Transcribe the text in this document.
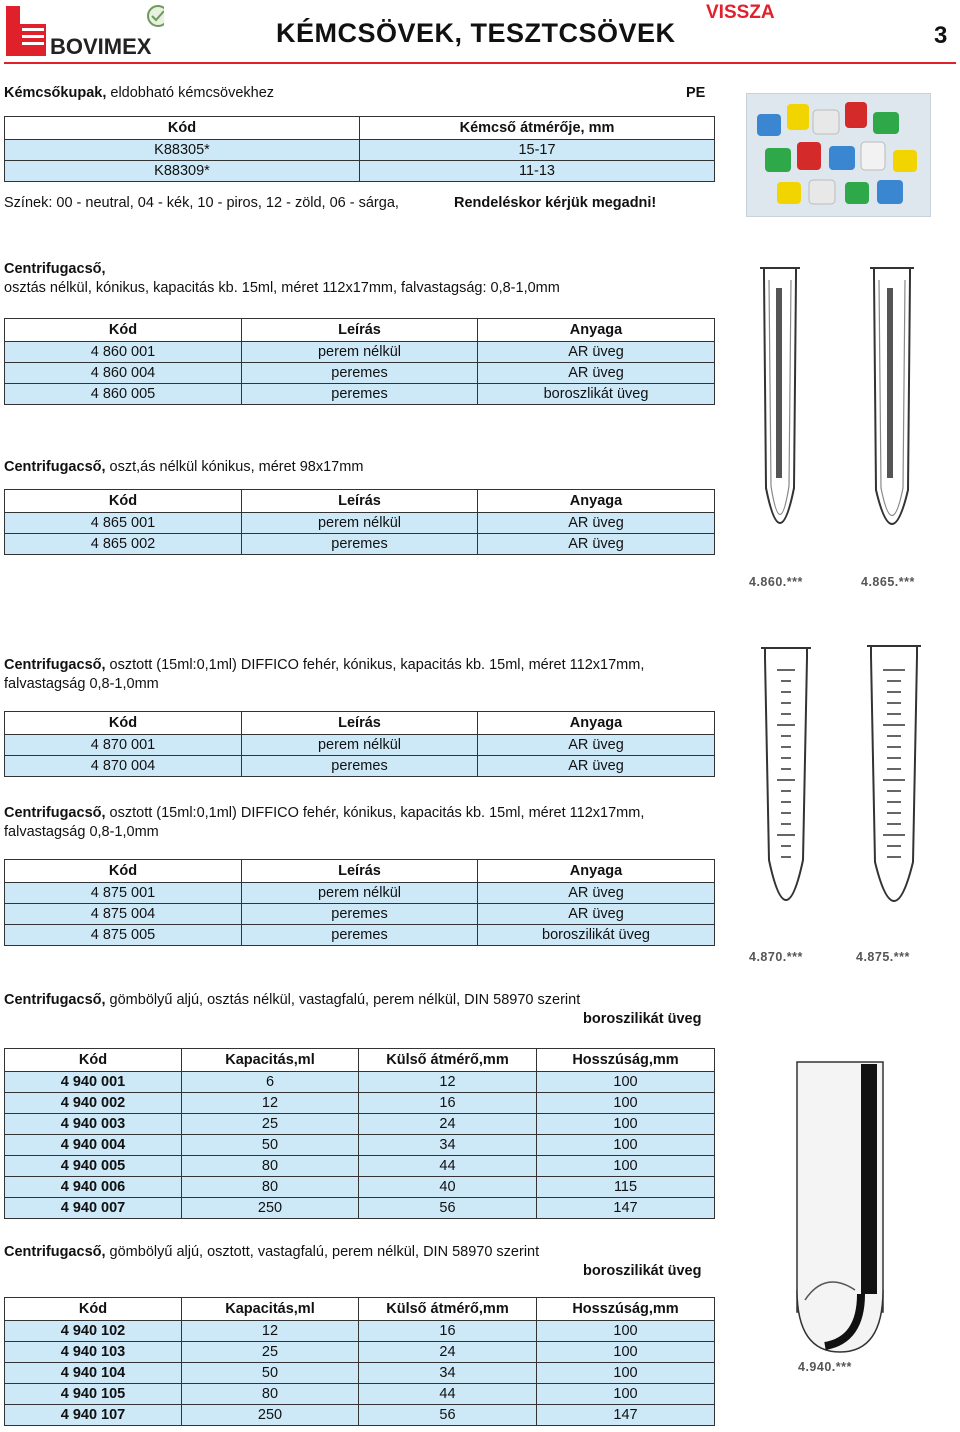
BOVIMEX	KÉMCSÖVEK, TESZTCSÖVEK
VISSZA
3
Kémcsőkupak, eldobható kémcsövekhez	PE
Kód	Kémcső átmérője, mm
K88305*	15-17
K88309*	11-13
Színek: 00 - neutral, 04 - kék, 10 - piros, 12 - zöld, 06 - sárga,	Rendeléskor kérjük megadni!
Centrifugacső,
osztás nélkül, kónikus, kapacitás kb. 15ml, méret 112x17mm, falvastagság: 0,8-1,0mm
Kód	Leírás	Anyaga
4 860 001	perem nélkül	AR üveg
4 860 004	peremes	AR üveg
4 860 005	peremes	boroszlikát üveg
Centrifugacső, oszt,ás nélkül kónikus, méret 98x17mm
Kód	Leírás	Anyaga
4 865 001	perem nélkül	AR üveg
4 865 002	peremes	AR üveg
4.860.***	4.865.***
Centrifugacső, osztott (15ml:0,1ml) DIFFICO fehér, kónikus, kapacitás kb. 15ml, méret 112x17mm,
falvastagság 0,8-1,0mm
Kód	Leírás	Anyaga
4 870 001	perem nélkül	AR üveg
4 870 004	peremes	AR üveg
Centrifugacső, osztott (15ml:0,1ml) DIFFICO fehér, kónikus, kapacitás kb. 15ml, méret 112x17mm,
falvastagság 0,8-1,0mm
Kód	Leírás	Anyaga
4 875 001	perem nélkül	AR üveg
4 875 004	peremes	AR üveg
4 875 005	peremes	boroszilikát üveg
4.870.***	4.875.***
Centrifugacső, gömbölyű aljú, osztás nélkül, vastagfalú, perem nélkül, DIN 58970 szerint
boroszilikát üveg
Kód	Kapacitás,ml	Külső átmérő,mm	Hosszúság,mm
4 940 001	6	12	100
4 940 002	12	16	100
4 940 003	25	24	100
4 940 004	50	34	100
4 940 005	80	44	100
4 940 006	80	40	115
4 940 007	250	56	147
Centrifugacső, gömbölyű aljú, osztott, vastagfalú, perem nélkül, DIN 58970 szerint
boroszilikát üveg
Kód	Kapacitás,ml	Külső átmérő,mm	Hosszúság,mm
4 940 102	12	16	100
4 940 103	25	24	100
4 940 104	50	34	100
4 940 105	80	44	100
4 940 107	250	56	147
4.940.***
